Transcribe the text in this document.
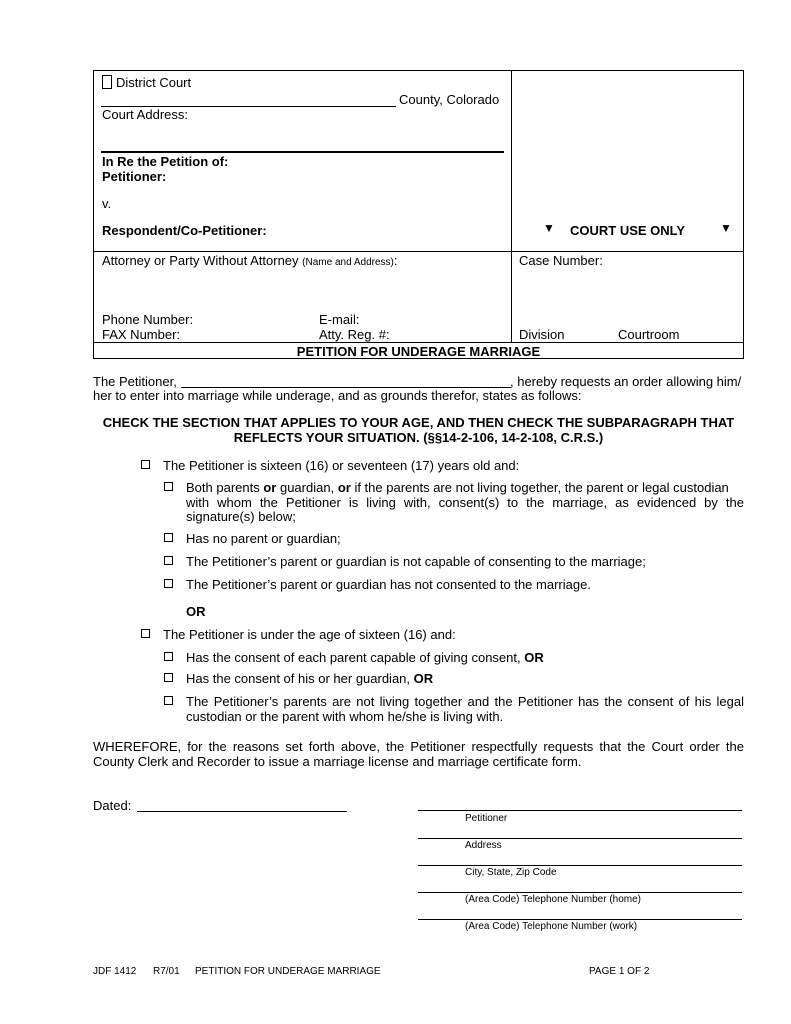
District Court
County, Colorado
Court Address:
In Re the Petition of:
Petitioner:
v.
Respondent/Co-Petitioner:	▼ COURT USE ONLY	▼
Attorney or Party Without Attorney (Name and Address):	Case Number:
Phone Number:	E-mail:
FAX Number:	Atty. Reg. #:	Division	Courtroom
PETITION FOR UNDERAGE MARRIAGE
The Petitioner,	, hereby requests an order allowing him/
her to enter into marriage while underage, and as grounds therefor, states as follows:
CHECK THE SECTION THAT APPLIES TO YOUR AGE, AND THEN CHECK THE SUBPARAGRAPH THAT
REFLECTS YOUR SITUATION. (§§14-2-106, 14-2-108, C.R.S.)
The Petitioner is sixteen (16) or seventeen (17) years old and:
Both parents or guardian, or if the parents are not living together, the parent or legal custodian
with whom the Petitioner is living with, consent(s) to the marriage, as evidenced by the
signature(s) below;
Has no parent or guardian;
The Petitioner’s parent or guardian is not capable of consenting to the marriage;
The Petitioner’s parent or guardian has not consented to the marriage.
OR
The Petitioner is under the age of sixteen (16) and:
Has the consent of each parent capable of giving consent, OR
Has the consent of his or her guardian, OR
The Petitioner’s parents are not living together and the Petitioner has the consent of his legal
custodian or the parent with whom he/she is living with.
WHEREFORE, for the reasons set forth above, the Petitioner respectfully requests that the Court order the
County Clerk and Recorder to issue a marriage license and marriage certificate form.
Dated:
Petitioner
Address
City, State, Zip Code
(Area Code) Telephone Number (home)
(Area Code) Telephone Number (work)
JDF 1412 R7/01 PETITION FOR UNDERAGE MARRIAGE	PAGE 1 OF 2
